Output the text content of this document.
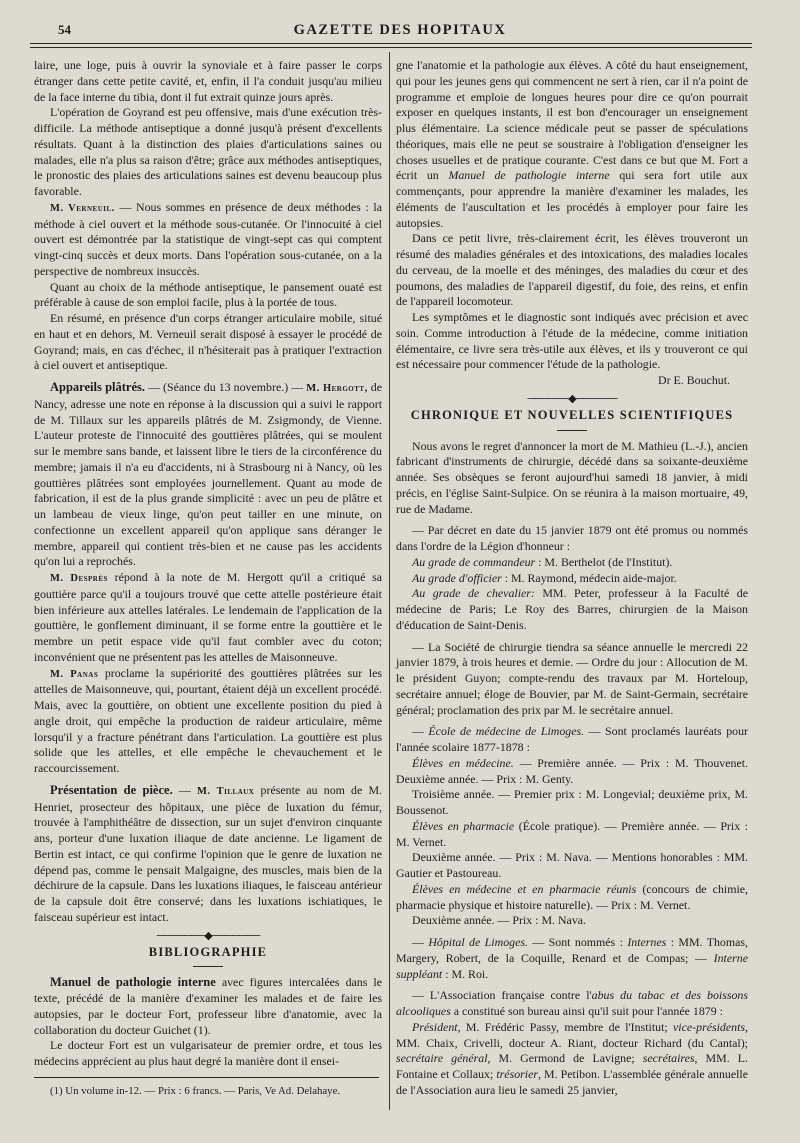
54	GAZETTE DES HOPITAUX

laire, une loge, puis à ouvrir la synoviale et à faire passer le corps étranger dans cette petite cavité, et, enfin, il l'a conduit jusqu'au milieu de la face interne du tibia, dont il fut extrait quinze jours après.

L'opération de Goyrand est peu offensive, mais d'une exécution très-difficile. La méthode antiseptique a donné jusqu'à présent d'excellents résultats. Quant à la distinction des plaies d'articulations saines ou malades, elle n'a plus sa raison d'être; grâce aux méthodes antiseptiques, le pronostic des plaies des articulations saines est devenu beaucoup plus favorable.

M. Verneuil. — Nous sommes en présence de deux méthodes : la méthode à ciel ouvert et la méthode sous-cutanée. Or l'innocuité à ciel ouvert est démontrée par la statistique de vingt-sept cas qui comptent vingt-cinq succès et deux morts. Dans l'opération sous-cutanée, on a la perspective de nombreux insuccès.

Quant au choix de la méthode antiseptique, le pansement ouaté est préférable à cause de son emploi facile, plus à la portée de tous.

En résumé, en présence d'un corps étranger articulaire mobile, situé en haut et en dehors, M. Verneuil serait disposé à essayer le procédé de Goyrand; mais, en cas d'échec, il n'hésiterait pas à pratiquer l'extraction à ciel ouvert et antiseptique.

Appareils plâtrés. — (Séance du 13 novembre.) — M. Hergott, de Nancy, adresse une note en réponse à la discussion qui a suivi le rapport de M. Tillaux sur les appareils plâtrés de M. Zsigmondy, de Vienne. L'auteur proteste de l'innocuité des gouttières plâtrées, qui se moulent sur le membre sans bande, et laissent libre le tiers de la circonférence du membre; jamais il n'a eu d'accidents, ni à Strasbourg ni à Nancy, où les gouttières plâtrées sont employées journellement. Quant au mode de fabrication, il est de la plus grande simplicité : avec un peu de plâtre et un lambeau de vieux linge, qu'on peut tailler en une minute, on confectionne un excellent appareil qu'on applique sans déranger le membre, appareil qui contient très-bien et ne cause pas les accidents qu'on lui a reprochés.

M. Desprès répond à la note de M. Hergott qu'il a critiqué sa gouttière parce qu'il a toujours trouvé que cette attelle postérieure était bien inférieure aux attelles latérales. Le lendemain de l'application de la gouttière, le gonflement diminuant, il se forme entre la gouttière et le membre un petit espace vide qu'il faut combler avec du coton; inconvénient que ne présentent pas les attelles de Maisonneuve.

M. Panas proclame la supériorité des gouttières plâtrées sur les attelles de Maisonneuve, qui, pourtant, étaient déjà un excellent procédé. Mais, avec la gouttière, on obtient une excellente position du pied à angle droit, qui empêche la production de raideur articulaire, même lorsqu'il y a fracture pénétrant dans l'articulation. La gouttière est plus solide que les attelles, et elle empêche le chevauchement et le raccourcissement.

Présentation de pièce. — M. Tillaux présente au nom de M. Henriet, prosecteur des hôpitaux, une pièce de luxation du fémur, trouvée à l'amphithéâtre de dissection, sur un sujet d'environ cinquante ans, porteur d'une luxation iliaque de date ancienne. Le ligament de Bertin est intact, ce qui confirme l'opinion que le genre de luxation ne dépend pas, comme le pensait Malgaigne, des muscles, mais bien de la déchirure de la capsule. Dans les luxations iliaques, le faisceau antérieur de la capsule doit être conservé; dans les luxations ischiatiques, le faisceau supérieur est intact.

───────◆───────
BIBLIOGRAPHIE

Manuel de pathologie interne avec figures intercalées dans le texte, précédé de la manière d'examiner les malades et de faire les autopsies, par le docteur Fort, professeur libre d'anatomie, avec la collaboration du docteur Guichet (1).

Le docteur Fort est un vulgarisateur de premier ordre, et tous les médecins apprécient au plus haut degré la manière dont il ensei-

(1) Un volume in-12. — Prix : 6 francs. — Paris, Ve Ad. Delahaye.

gne l'anatomie et la pathologie aux élèves. A côté du haut enseignement, qui pour les jeunes gens qui commencent ne sert à rien, car il n'a point de programme et emploie de longues heures pour dire ce qu'on pourrait exposer en quelques instants, il est bon d'encourager un enseignement plus élémentaire. La science médicale peut se passer de spéculations théoriques, mais elle ne peut se soustraire à l'obligation d'enseigner les choses usuelles et de pratique courante. C'est dans ce but que M. Fort a écrit un Manuel de pathologie interne qui sera fort utile aux commençants, pour apprendre la manière d'examiner les malades, les éléments de l'auscultation et les procédés à employer pour faire les autopsies.

Dans ce petit livre, très-clairement écrit, les élèves trouveront un résumé des maladies générales et des intoxications, des maladies locales du cerveau, de la moelle et des méninges, des maladies du cœur et des poumons, des maladies de l'appareil digestif, du foie, des reins, et enfin de l'appareil locomoteur.

Les symptômes et le diagnostic sont indiqués avec précision et avec soin. Comme introduction à l'étude de la médecine, comme initiation élémentaire, ce livre sera très-utile aux élèves, et ils y trouveront ce qui est nécessaire pour commencer l'étude de la pathologie.

Dr E. Bouchut.

──────◆──────
CHRONIQUE ET NOUVELLES SCIENTIFIQUES

Nous avons le regret d'annoncer la mort de M. Mathieu (L.-J.), ancien fabricant d'instruments de chirurgie, décédé dans sa soixante-deuxième année. Ses obsèques se feront aujourd'hui samedi 18 janvier, à midi précis, en l'église Saint-Sulpice. On se réunira à la maison mortuaire, 49, rue de Madame.

— Par décret en date du 15 janvier 1879 ont été promus ou nommés dans l'ordre de la Légion d'honneur :

Au grade de commandeur : M. Berthelot (de l'Institut).

Au grade d'officier : M. Raymond, médecin aide-major.

Au grade de chevalier: MM. Peter, professeur à la Faculté de médecine de Paris; Le Roy des Barres, chirurgien de la Maison d'éducation de Saint-Denis.

— La Société de chirurgie tiendra sa séance annuelle le mercredi 22 janvier 1879, à trois heures et demie. — Ordre du jour : Allocution de M. le président Guyon; compte-rendu des travaux par M. Horteloup, secrétaire annuel; éloge de Bouvier, par M. de Saint-Germain, secrétaire général; proclamation des prix par M. le secrétaire annuel.

— École de médecine de Limoges. — Sont proclamés lauréats pour l'année scolaire 1877-1878 :

Élèves en médecine. — Première année. — Prix : M. Thouvenet. Deuxième année. — Prix : M. Genty.

Troisième année. — Premier prix : M. Longevial; deuxième prix, M. Boussenot.

Élèves en pharmacie (École pratique). — Première année. — Prix : M. Vernet.

Deuxième année. — Prix : M. Nava. — Mentions honorables : MM. Gautier et Pastoureau.

Élèves en médecine et en pharmacie réunis (concours de chimie, pharmacie physique et histoire naturelle). — Prix : M. Vernet.

Deuxième année. — Prix : M. Nava.

— Hôpital de Limoges. — Sont nommés : Internes : MM. Thomas, Margery, Robert, de la Coquille, Renard et de Compas; — Interne suppléant : M. Roi.

— L'Association française contre l'abus du tabac et des boissons alcooliques a constitué son bureau ainsi qu'il suit pour l'année 1879 :

Président, M. Frédéric Passy, membre de l'Institut; vice-présidents, MM. Chaix, Crivelli, docteur A. Riant, docteur Richard (du Cantal); secrétaire général, M. Germond de Lavigne; secrétaires, MM. L. Fontaine et Collaux; trésorier, M. Petibon. L'assemblée générale annuelle de l'Association aura lieu le samedi 25 janvier,
